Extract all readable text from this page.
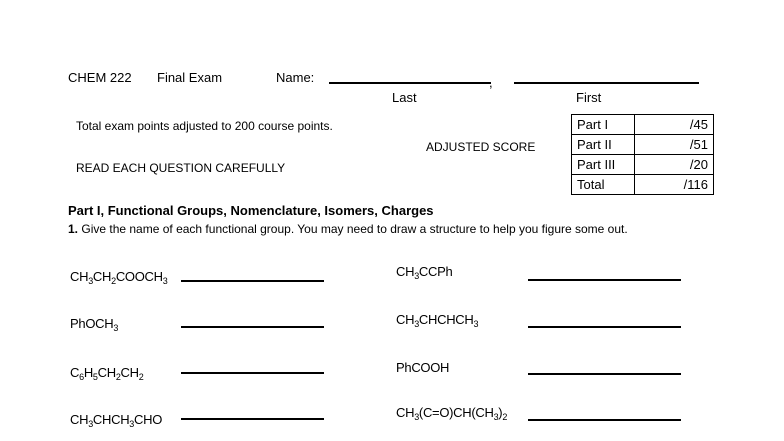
CHEM 222 Final Exam	Name:	,
Last	First
Total exam points adjusted to 200 course points.
ADJUSTED SCORE
READ EACH QUESTION CAREFULLY
Part I	/45
Part II	/51
Part III	/20
Total	/116
Part I, Functional Groups, Nomenclature, Isomers, Charges
1. Give the name of each functional group. You may need to draw a structure to help you figure some out.
$CH_3CH_2COOCH_3$
PhOCH$_3$
$C_6H_5CH_2CH_2$
$CH_3CHCH_3CHO$
$CH_3CCPh$
$CH_3CHCHCH_3$
PhCOOH
$CH_3(C=O)CH(CH_3)_2$
